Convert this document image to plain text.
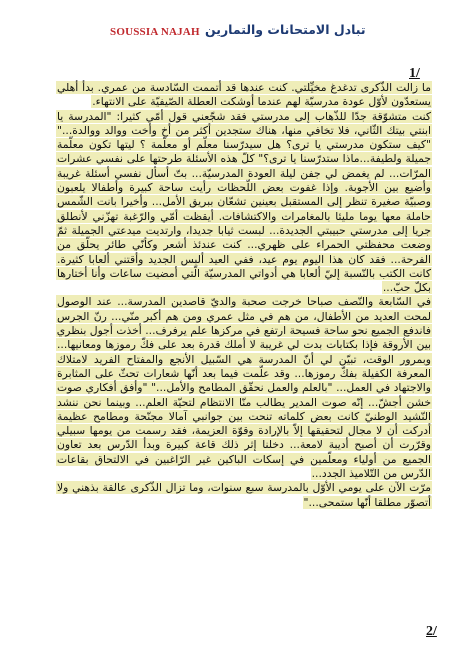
SOUSSIA NAJAH تبادل الامتحانات والتمارين
1/

ما زالت الذّكرى تدغدغ مخيِّلتي. كنت عندها قد أتممت السّادسة من عمري. بدأ أهلي يستعدّون لأوّل عودة مدرسيّة لهم عندما أوشكت العطلة الصّيفيّة على الانتهاء.

كنت متشوّقة جدّا للذّهاب إلى مدرستي فقد شجّعني قول أمّي كثيرا: "المدرسة يا ابنتي بيتك الثّاني، فلا تخافي منها، هناك ستجدين أكثر من أخ وأخت ووالد ووالدة..." "كيف ستكون مدرستي يا ترى؟ هل سيدرّسنا معلّم أو معلّمة ؟ ليتها تكون معلّمة جميلة ولطيفة...ماذا ستدرّسنا يا ترى؟" كلّ هذه الأسئلة طرحتها على نفسي عشرات المرّات... لم يغمض لي جفن ليلة العودة المدرسيّة... بتّ أسأل نفسي أسئلة غريبة وأضيع بين الأجوبة. وإذا غفوت بعض اللّحظات رأيت ساحة كبيرة وأطفالا يلعبون وصبيّة صغيرة تنظر إلى المستقبل بعينين تشعّان ببريق الأمل... وأخيرا بانت الشّمس حاملة معها يوما مليئا بالمغامرات والاكتشافات. أيقظت أمّي والرّغبة تهزّني لأنطلق جريا إلى مدرستي حبيبتي الجديدة... لبست ثيابا جديدا، وارتديت ميدعتي الجميلة ثمّ وضعت محفظتي الحمراء على ظهري... كنت عندئذ أشعر وكأنّي طائر يحلّق من الفرحة... فقد كان هذا اليوم يوم عيد، ففي العيد ألبس الجديد وأقتني ألعابا كثيرة. كانت الكتب بالنّسبة إليّ ألعابا هي أدواتي المدرسيّة الّتي أمضيت ساعات وأنا أختارها بكلّ حبّ...

في السّابعة والنّصف صباحا خرجت صحبة والديّ قاصدين المدرسة... عند الوصول لمحت العديد من الأطفال، من هم في مثل عمري ومن هم أكبر منّي... رنّ الجرس فاندفع الجميع نحو ساحة فسيحة ارتفع في مركزها علم يرفرف... أخذت أجول بنظري بين الأروقة فإذا بكتابات بدت لي غريبة لا أملك قدرة بعد على فكّ رموزها ومعانيها... وبمرور الوقت، تبيّن لي أنّ المدرسة هي السّبيل الأنجع والمفتاح الفريد لامتلاك المعرفة الكفيلة بفكّ رموزها... وقد علّمت فيما بعد أنّها شعارات تحثّ على المثابرة والاجتهاد في العمل... "بالعلم والعمل نحقّق المطامح والأمل..." "وأفق أفكاري صوت خشن أجشّ... إنّه صوت المدير يطالب منّا الانتظام لتحيّة العلم... وبينما نحن ننشد النّشيد الوطنيّ كانت بعض كلماته تنحت بين جوانبي آمالا مجنّحة ومطامح عظيمة أدركت أن لا مجال لتحقيقها إلاّ بالإرادة وقوّة العزيمة، فقد رسمت من يومها سبيلي وقرّرت أن أصبح أديبة لامعة... دخلنا إثر ذلك قاعة كبيرة وبدأ الدّرس بعد تعاون الجميع من أولياء ومعلّمين في إسكات الباكين غير الرّاغبين في الالتحاق بقاعات الدّرس من التّلاميذ الجدد...

مرّت الآن على يومي الأوّل بالمدرسة سبع سنوات، وما تزال الذّكرى عالقة بذهني ولا أتصوّر مطلقا أنّها ستمحى..."

2/
